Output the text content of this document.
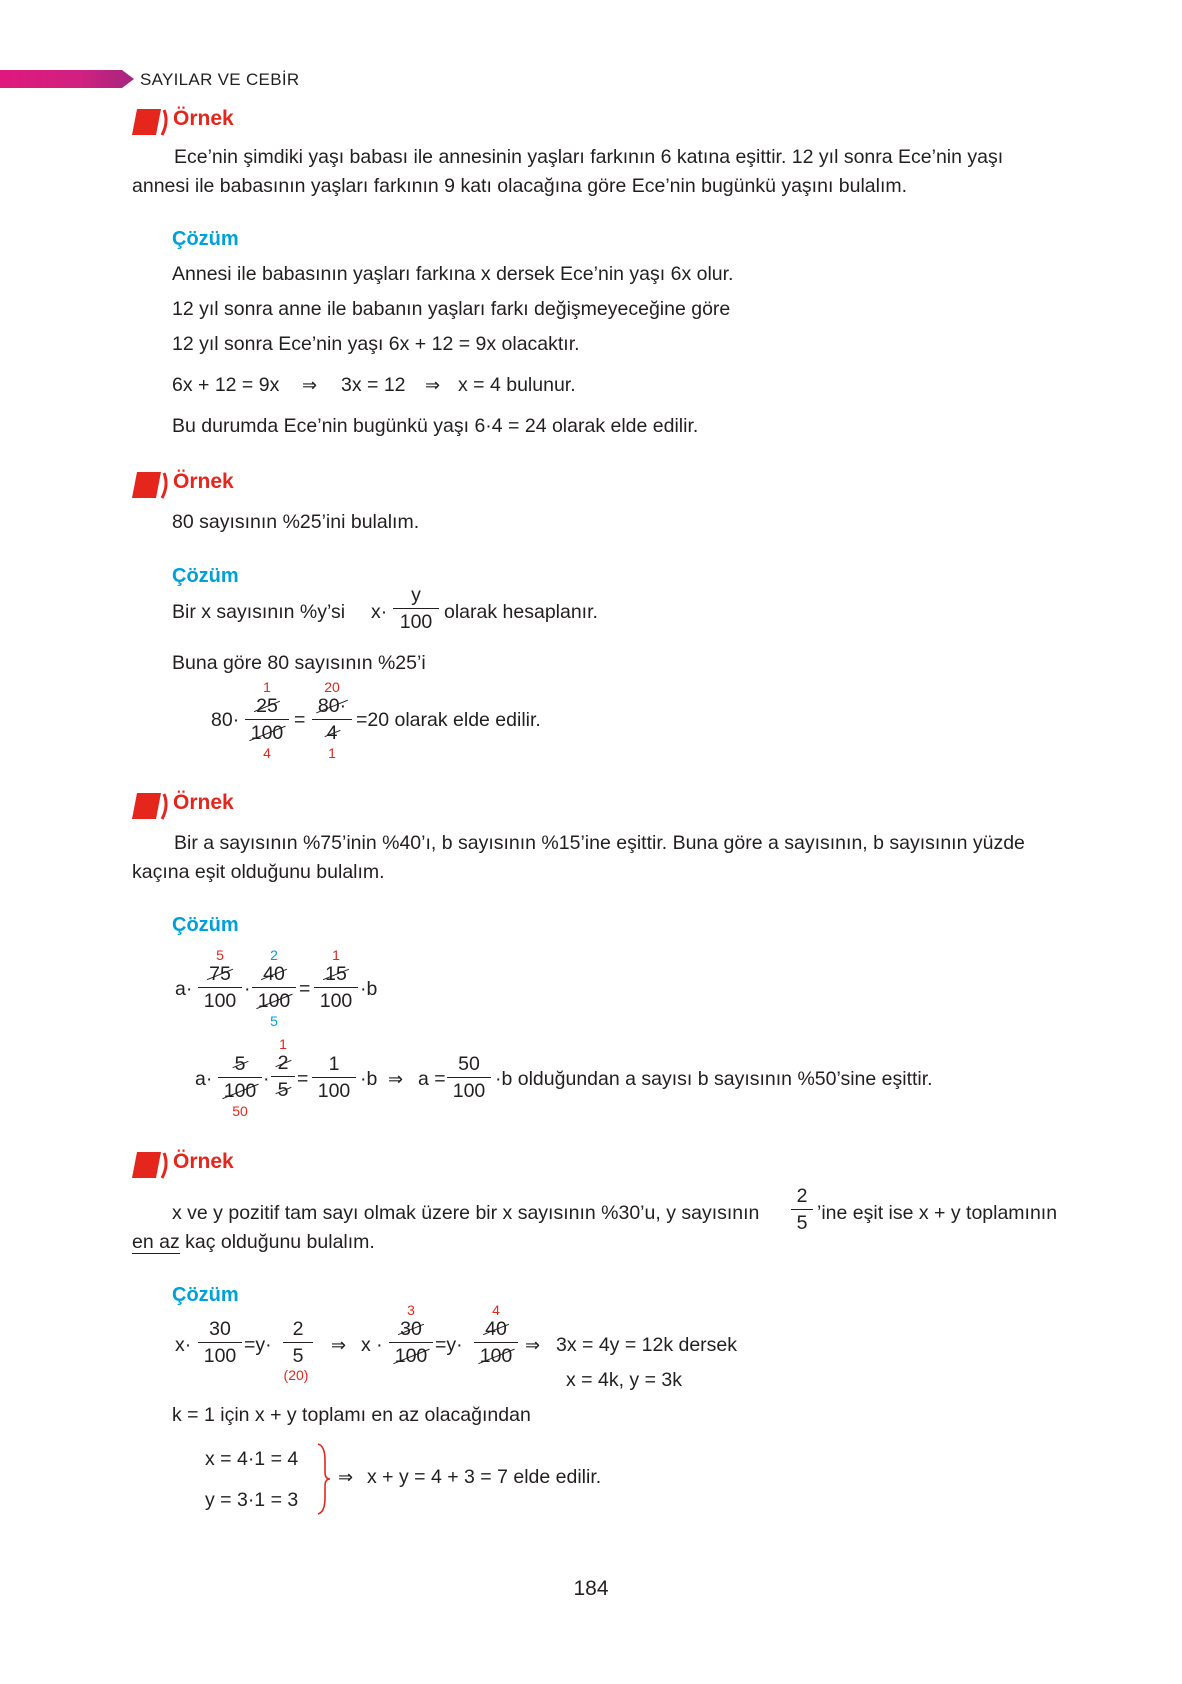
SAYILAR VE CEBİR
Örnek
Ece’nin şimdiki yaşı babası ile annesinin yaşları farkının 6 katına eşittir. 12 yıl sonra Ece’nin yaşı
annesi ile babasının yaşları farkının 9 katı olacağına göre Ece’nin bugünkü yaşını bulalım.
Çözüm
Annesi ile babasının yaşları farkına x dersek Ece’nin yaşı 6x olur.
12 yıl sonra anne ile babanın yaşları farkı değişmeyeceğine göre
12 yıl sonra Ece’nin yaşı 6x + 12 = 9x olacaktır.
6x + 12 = 9x ⇒ 3x = 12 ⇒ x = 4 bulunur.
Bu durumda Ece’nin bugünkü yaşı 6·4 = 24 olarak elde edilir.
Örnek
80 sayısının %25’ini bulalım.
Çözüm
Bir x sayısının %y’si x·
y
100 olarak hesaplanır.
Buna göre 80 sayısının %25’i
80·
1
25
100
4
=
20
80·
4
1
=20 olarak elde edilir.
Örnek
Bir a sayısının %75’inin %40’ı, b sayısının %15’ine eşittir. Buna göre a sayısının, b sayısının yüzde
kaçına eşit olduğunu bulalım.
Çözüm
a·
5
75
100
·
2
40
100
5
=
1
15
100
·b
a·
5
100
50
·
1
2
5 =
1
100
·b ⇒ a =
50
100
·b olduğundan a sayısı b sayısının %50’sine eşittir.
Örnek
x ve y pozitif tam sayı olmak üzere bir x sayısının %30’u, y sayısının
2
5 ’ine eşit ise x + y toplamının
en az kaç olduğunu bulalım.
Çözüm
x·
30
100 =y·
2
5
(20)
⇒ x ·
3
30
100 =y·
4
40
100 ⇒ 3x = 4y = 12k dersek
x = 4k, y = 3k
k = 1 için x + y toplamı en az olacağından
x = 4·1 = 4
y = 3·1 = 3
⇒ x + y = 4 + 3 = 7 elde edilir.
184
